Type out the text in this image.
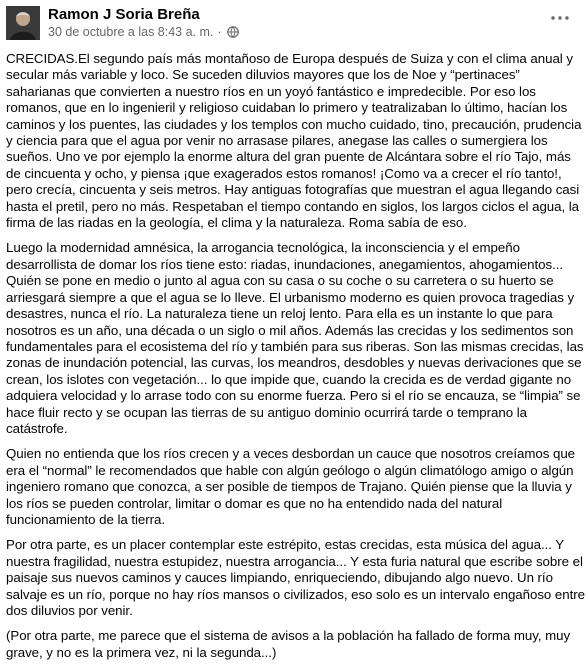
Ramon J Soria Breña
30 de octubre a las 8:43 a. m. ·

CRECIDAS.El segundo país más montañoso de Europa después de Suiza y con el clima anual y secular más variable y loco. Se suceden diluvios mayores que los de Noe y “pertinaces” saharianas que convierten a nuestro ríos en un yoyó fantástico e impredecible. Por eso los romanos, que en lo ingenieril y religioso cuidaban lo primero y teatralizaban lo último, hacían los caminos y los puentes, las ciudades y los templos con mucho cuidado, tino, precaución, prudencia y ciencia para que el agua por venir no arrasase pilares, anegase las calles o sumergiera los sueños. Uno ve por ejemplo la enorme altura del gran puente de Alcántara sobre el río Tajo, más de cincuenta y ocho, y piensa ¡que exagerados estos romanos! ¡Como va a crecer el río tanto!, pero crecía, cincuenta y seis metros. Hay antiguas fotografías que muestran el agua llegando casi hasta el pretil, pero no más. Respetaban el tiempo contando en siglos, los largos ciclos el agua, la firma de las riadas en la geología, el clima y la naturaleza. Roma sabía de eso.

Luego la modernidad amnésica, la arrogancia tecnológica, la inconsciencia y el empeño desarrollista de domar los ríos tiene esto: riadas, inundaciones, anegamientos, ahogamientos... Quién se pone en medio o junto al agua con su casa o su coche o su carretera o su huerto se arriesgará siempre a que el agua se lo lleve. El urbanismo moderno es quien provoca tragedias y desastres, nunca el río. La naturaleza tiene un reloj lento. Para ella es un instante lo que para nosotros es un año, una década o un siglo o mil años. Además las crecidas y los sedimentos son fundamentales para el ecosistema del río y también para sus riberas. Son las mismas crecidas, las zonas de inundación potencial, las curvas, los meandros, desdobles y nuevas derivaciones que se crean, los islotes con vegetación... lo que impide que, cuando la crecida es de verdad gigante no adquiera velocidad y lo arrase todo con su enorme fuerza. Pero si el río se encauza, se “limpia” se hace fluir recto y se ocupan las tierras de su antiguo dominio ocurrirá tarde o temprano la catástrofe.

Quien no entienda que los ríos crecen y a veces desbordan un cauce que nosotros creíamos que era el “normal” le recomendados que hable con algún geólogo o algún climatólogo amigo o algún ingeniero romano que conozca, a ser posible de tiempos de Trajano. Quién piense que la lluvia y los ríos se pueden controlar, limitar o domar es que no ha entendido nada del natural funcionamiento de la tierra.

Por otra parte, es un placer contemplar este estrépito, estas crecidas, esta música del agua... Y nuestra fragilidad, nuestra estupidez, nuestra arrogancia... Y esta furia natural que escribe sobre el paisaje sus nuevos caminos y cauces limpiando, enriqueciendo, dibujando algo nuevo. Un río salvaje es un río, porque no hay ríos mansos o civilizados, eso solo es un intervalo engañoso entre dos diluvios por venir.

(Por otra parte, me parece que el sistema de avisos a la población ha fallado de forma muy, muy grave, y no es la primera vez, ni la segunda...)
